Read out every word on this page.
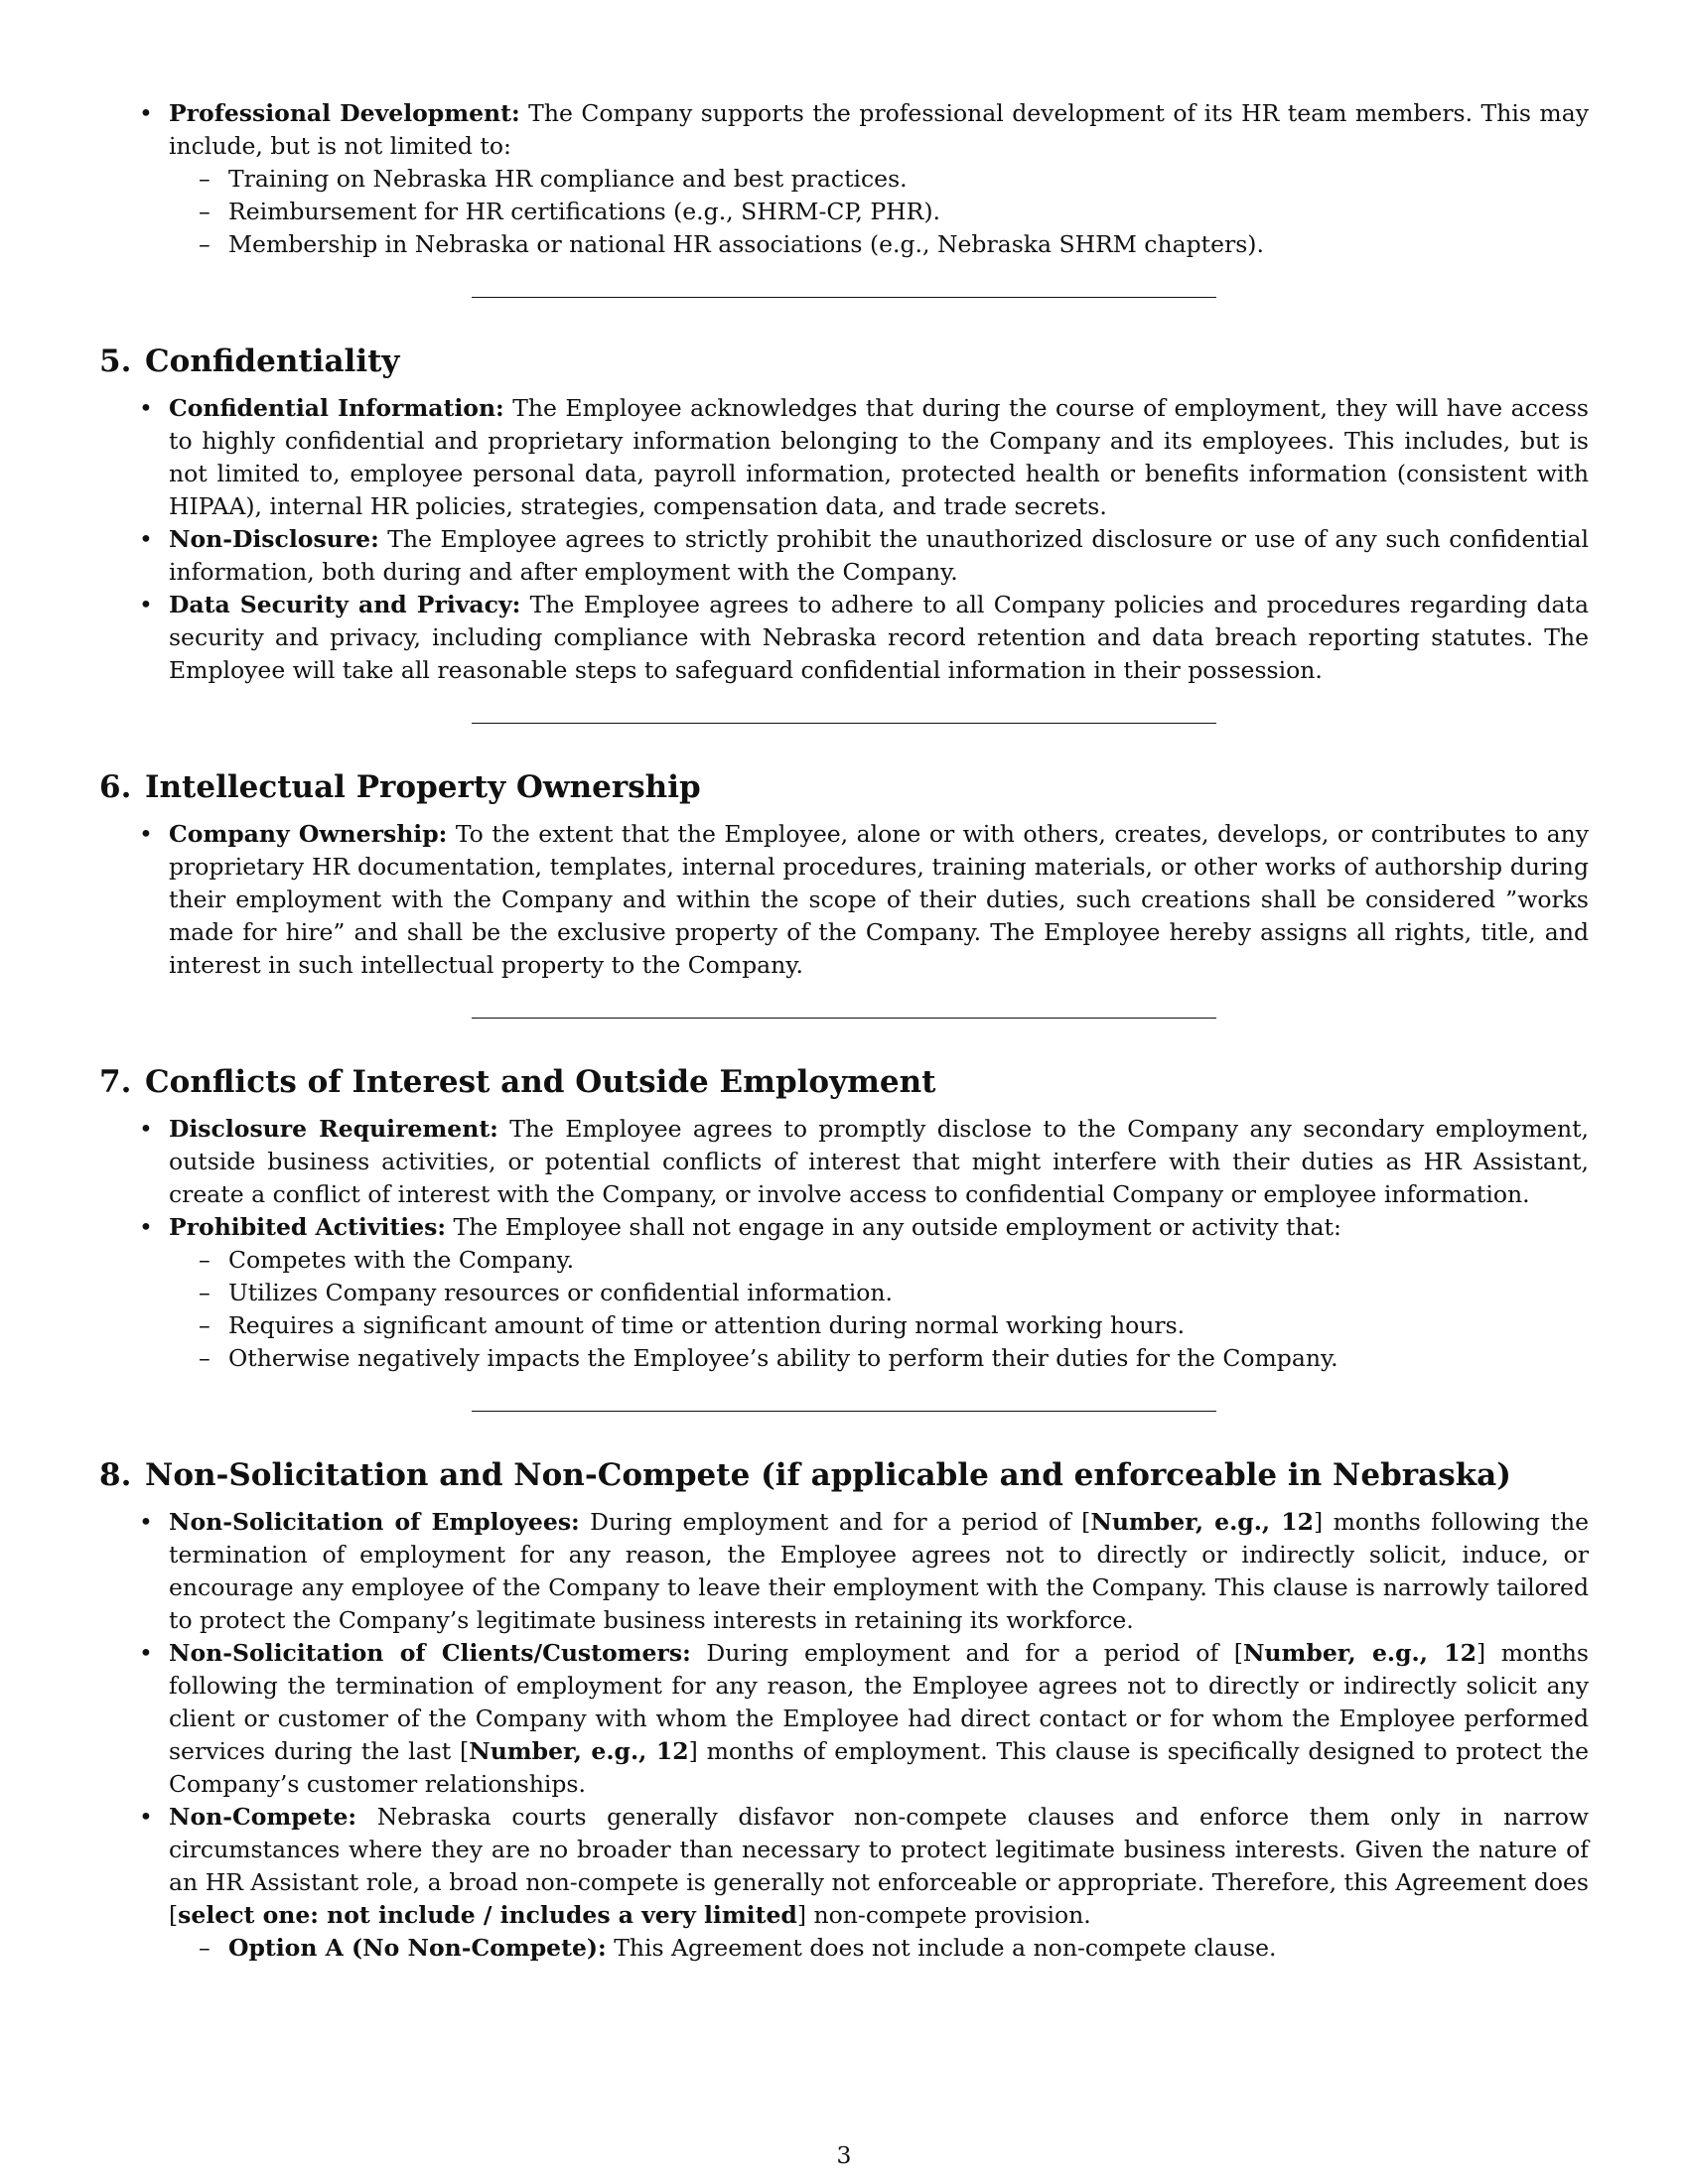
• Professional Development: The Company supports the professional development of its HR team members. This may include, but is not limited to:
– Training on Nebraska HR compliance and best practices.
– Reimbursement for HR certifications (e.g., SHRM-CP, PHR).
– Membership in Nebraska or national HR associations (e.g., Nebraska SHRM chapters).
5. Confidentiality
• Confidential Information: The Employee acknowledges that during the course of employment, they will have access to highly confidential and proprietary information belonging to the Company and its employees. This includes, but is not limited to, employee personal data, payroll information, protected health or benefits information (consistent with HIPAA), internal HR policies, strategies, compensation data, and trade secrets.
• Non-Disclosure: The Employee agrees to strictly prohibit the unauthorized disclosure or use of any such confidential information, both during and after employment with the Company.
• Data Security and Privacy: The Employee agrees to adhere to all Company policies and procedures regarding data security and privacy, including compliance with Nebraska record retention and data breach reporting statutes. The Employee will take all reasonable steps to safeguard confidential information in their possession.
6. Intellectual Property Ownership
• Company Ownership: To the extent that the Employee, alone or with others, creates, develops, or contributes to any proprietary HR documentation, templates, internal procedures, training materials, or other works of authorship during their employment with the Company and within the scope of their duties, such creations shall be considered ”works made for hire” and shall be the exclusive property of the Company. The Employee hereby assigns all rights, title, and interest in such intellectual property to the Company.
7. Conflicts of Interest and Outside Employment
• Disclosure Requirement: The Employee agrees to promptly disclose to the Company any secondary employment, outside business activities, or potential conflicts of interest that might interfere with their duties as HR Assistant, create a conflict of interest with the Company, or involve access to confidential Company or employee information.
• Prohibited Activities: The Employee shall not engage in any outside employment or activity that:
– Competes with the Company.
– Utilizes Company resources or confidential information.
– Requires a significant amount of time or attention during normal working hours.
– Otherwise negatively impacts the Employee’s ability to perform their duties for the Company.
8. Non-Solicitation and Non-Compete (if applicable and enforceable in Nebraska)
• Non-Solicitation of Employees: During employment and for a period of [Number, e.g., 12] months following the termination of employment for any reason, the Employee agrees not to directly or indirectly solicit, induce, or encourage any employee of the Company to leave their employment with the Company. This clause is narrowly tailored to protect the Company’s legitimate business interests in retaining its workforce.
• Non-Solicitation of Clients/Customers: During employment and for a period of [Number, e.g., 12] months following the termination of employment for any reason, the Employee agrees not to directly or indirectly solicit any client or customer of the Company with whom the Employee had direct contact or for whom the Employee performed services during the last [Number, e.g., 12] months of employment. This clause is specifically designed to protect the Company’s customer relationships.
• Non-Compete: Nebraska courts generally disfavor non-compete clauses and enforce them only in narrow circumstances where they are no broader than necessary to protect legitimate business interests. Given the nature of an HR Assistant role, a broad non-compete is generally not enforceable or appropriate. Therefore, this Agreement does [select one: not include / includes a very limited] non-compete provision.
– Option A (No Non-Compete): This Agreement does not include a non-compete clause.
3
